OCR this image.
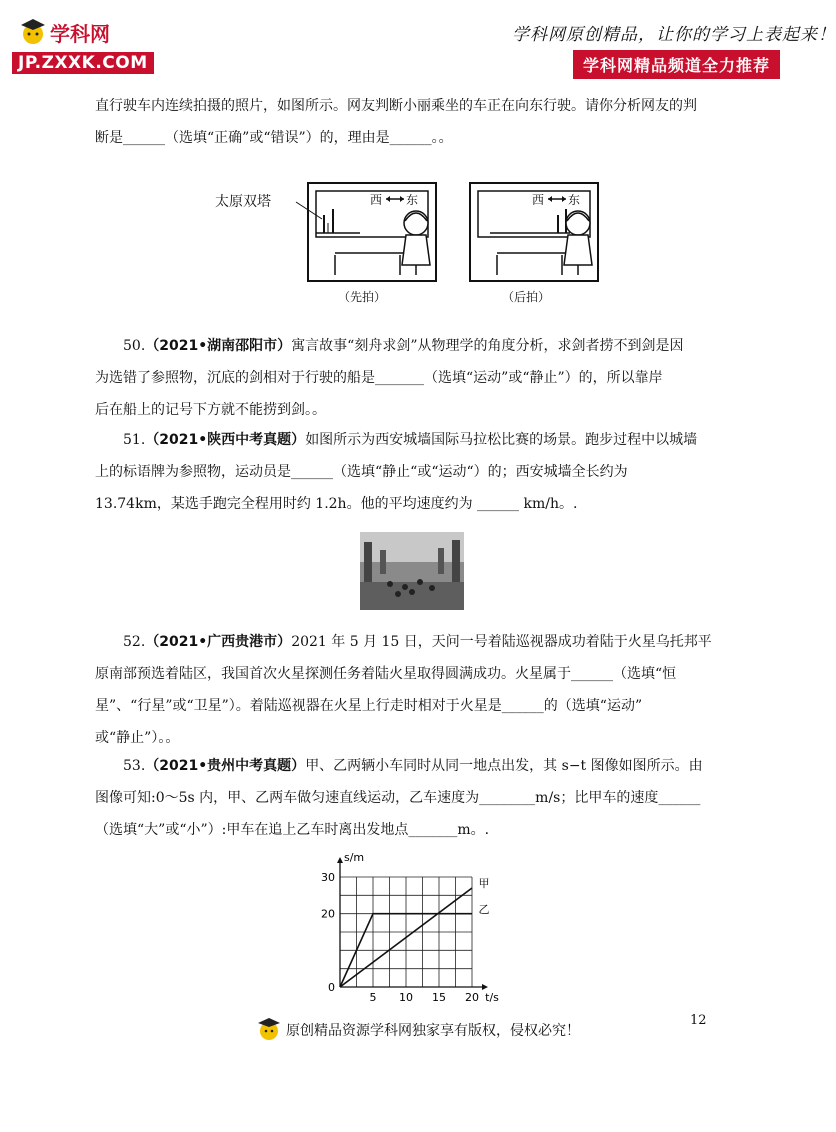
学科网
JP.ZXXK.COM
学科网原创精品，让你的学习上表起来！
学科网精品频道全力推荐
直行驶车内连续拍摄的照片，如图所示。网友判断小丽乘坐的车正在向东行驶。请你分析网友的判
断是______（选填“正确”或“错误”）的，理由是______。。
太原双塔	西 东	西 东
（先拍）	（后拍）
50.（2021•湖南邵阳市）寓言故事“刻舟求剑”从物理学的角度分析，求剑者捞不到剑是因
为选错了参照物，沉底的剑相对于行驶的船是_______（选填“运动”或“静止”）的，所以靠岸
后在船上的记号下方就不能捞到剑。。
51.（2021•陕西中考真题）如图所示为西安城墙国际马拉松比赛的场景。跑步过程中以城墙
上的标语牌为参照物，运动员是______（选填“静止“或“运动“）的；西安城墙全长约为
13.74km，某选手跑完全程用时约 1.2h。他的平均速度约为 ______ km/h。.
52.（2021•广西贵港市）2021 年 5 月 15 日，天问一号着陆巡视器成功着陆于火星乌托邦平
原南部预选着陆区，我国首次火星探测任务着陆火星取得圆满成功。火星属于______（选填“恒
星”、“行星”或“卫星”）。着陆巡视器在火星上行走时相对于火星是______的（选填“运动”
或“静止”）。。
53.（2021•贵州中考真题）甲、乙两辆小车同时从同一地点出发，其 s−t 图像如图所示。由
图像可知:0～5s 内，甲、乙两车做匀速直线运动，乙车速度为________m/s；比甲车的速度______
（选填“大”或“小”）:甲车在追上乙车时离出发地点_______m。.
5 10 15 20
20
30
0
s/m
t/s
甲
乙
12
原创精品资源学科网独家享有版权，侵权必究！
